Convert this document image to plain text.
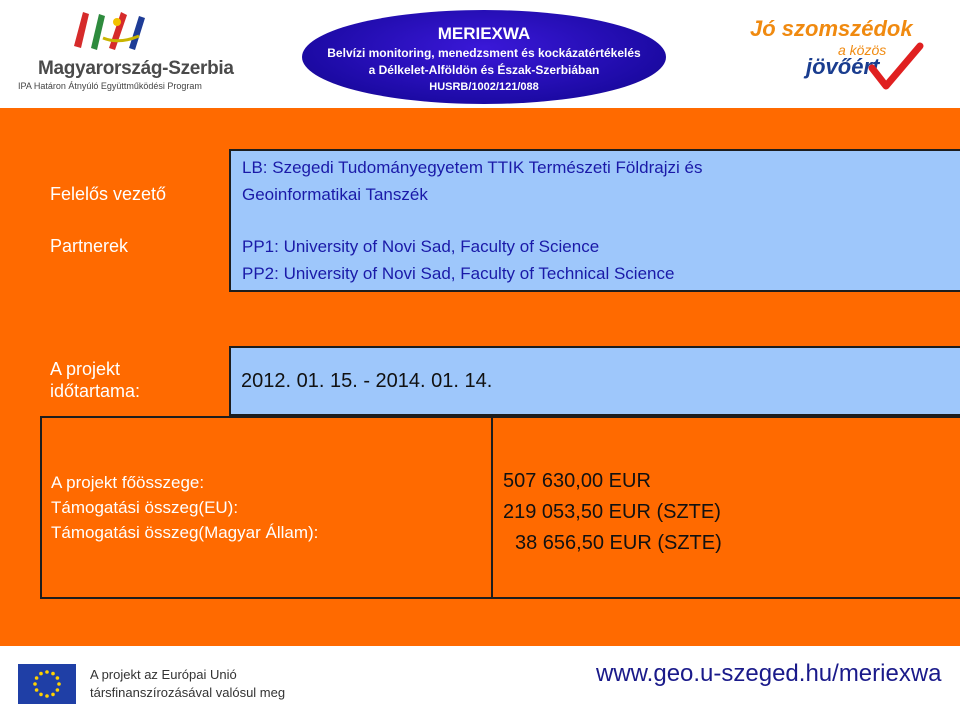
Magyarország-Szerbia
IPA Határon Átnyúló Együttműködési Program
MERIEXWA
Belvízi monitoring, menedzsment és kockázatértékelés
a Délkelet-Alföldön és Észak-Szerbiában
HUSRB/1002/121/088
Jó szomszédok
a közös
jövőért
Felelős vezető
Partnerek
LB: Szegedi Tudományegyetem TTIK Természeti Földrajzi és
Geoinformatikai Tanszék
PP1: University of Novi Sad, Faculty of Science
PP2: University of Novi Sad, Faculty of Technical Science
A projekt
időtartama:	2012. 01. 15. - 2014. 01. 14.
A projekt főösszege:
Támogatási összeg(EU):
Támogatási összeg(Magyar Állam):
507 630,00 EUR
219 053,50 EUR (SZTE)
38 656,50 EUR (SZTE)
A projekt az Európai Unió
társfinanszírozásával valósul meg
www.geo.u-szeged.hu/meriexwa
